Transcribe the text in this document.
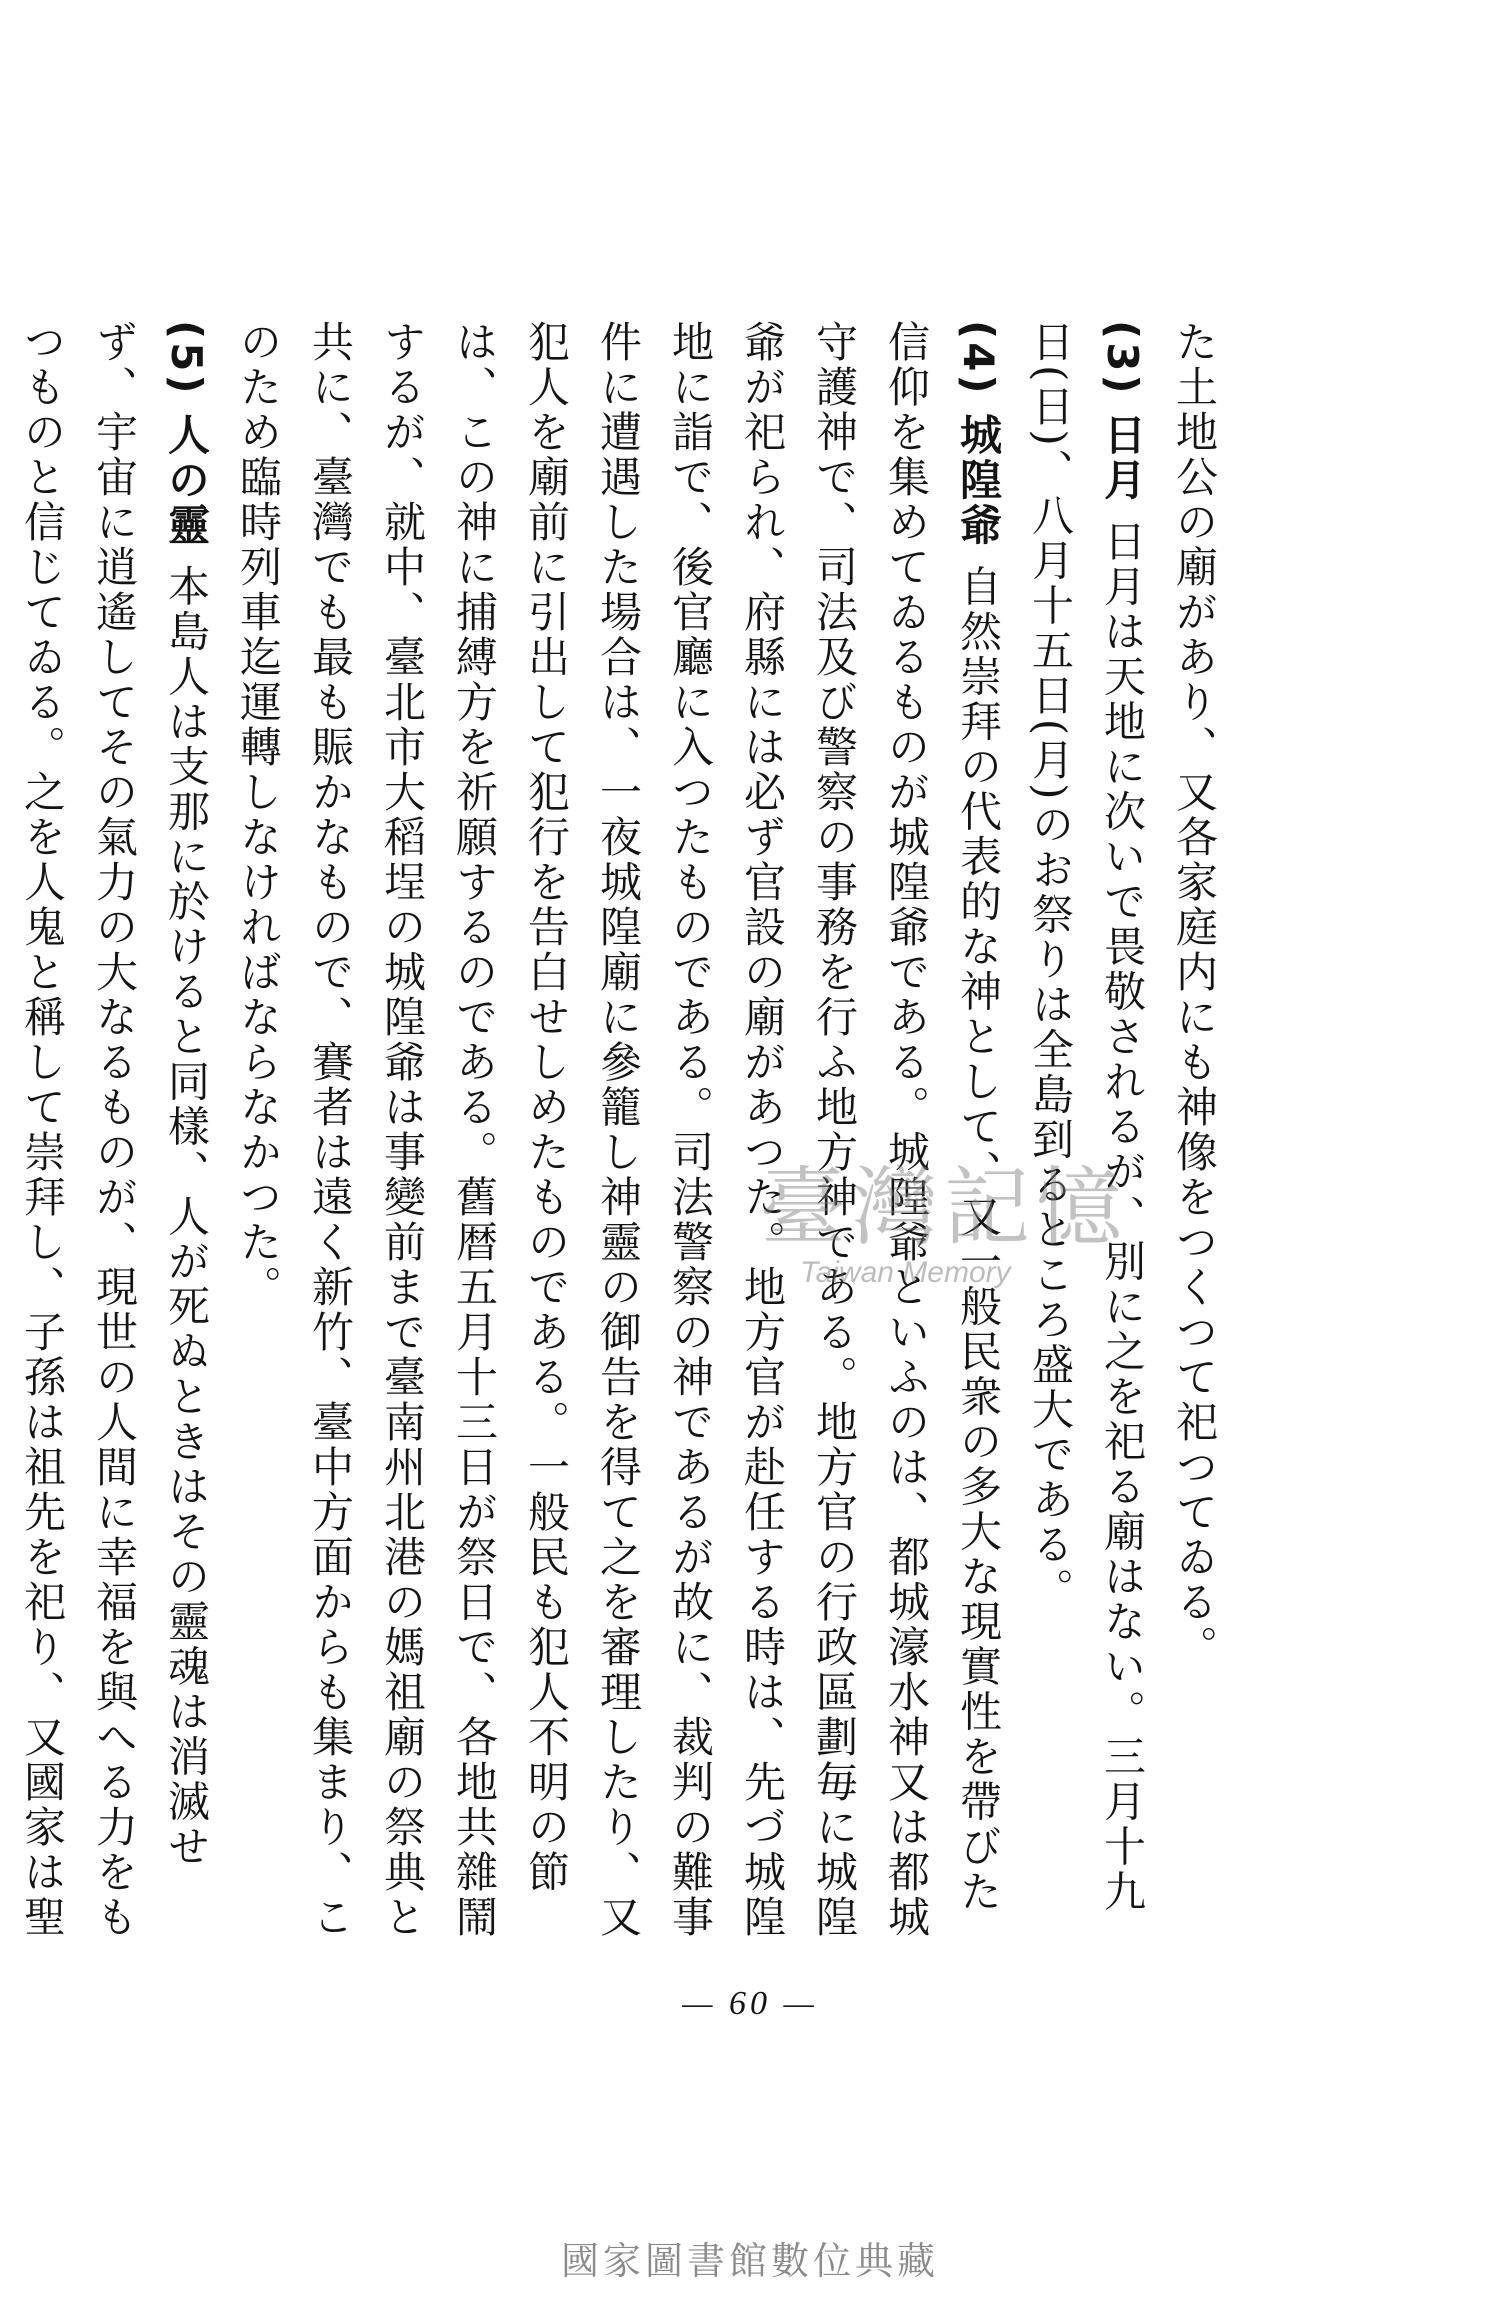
た土地公の廟があり、又各家庭内にも神像をつくつて祀つてゐる。

(3) 日月 日月は天地に次いで畏敬されるが、別に之を祀る廟はない。三月十九日(日)、八月十五日(月)のお祭りは全島到るところ盛大である。

(4) 城隍爺 自然崇拜の代表的な神として、又一般民衆の多大な現實性を帶びた信仰を集めてゐるものが城隍爺である。城隍爺といふのは、都城濠水神又は都城守護神で、司法及び警察の事務を行ふ地方神である。地方官の行政區劃毎に城隍爺が祀られ、府縣には必ず官設の廟があつた。地方官が赴任する時は、先づ城隍地に詣で、後官廳に入つたものである。司法警察の神であるが故に、裁判の難事件に遭遇した場合は、一夜城隍廟に參籠し神靈の御告を得て之を審理したり、又犯人を廟前に引出して犯行を告白せしめたものである。一般民も犯人不明の節は、この神に捕縛方を祈願するのである。舊暦五月十三日が祭日で、各地共雜鬧するが、就中、臺北市大稻埕の城隍爺は事變前まで臺南州北港の媽祖廟の祭典と共に、臺灣でも最も賑かなもので、賽者は遠く新竹、臺中方面からも集まり、このため臨時列車迄運轉しなければならなかつた。

(5) 人の靈 本島人は支那に於けると同樣、人が死ぬときはその靈魂は消滅せず、宇宙に逍遙してその氣力の大なるものが、現世の人間に幸福を與へる力をもつものと信じてゐる。之を人鬼と稱して崇拜し、子孫は祖先を祀り、又國家は聖

臺灣記憶
Taiwan Memory
— 60 —
國家圖書館數位典藏
